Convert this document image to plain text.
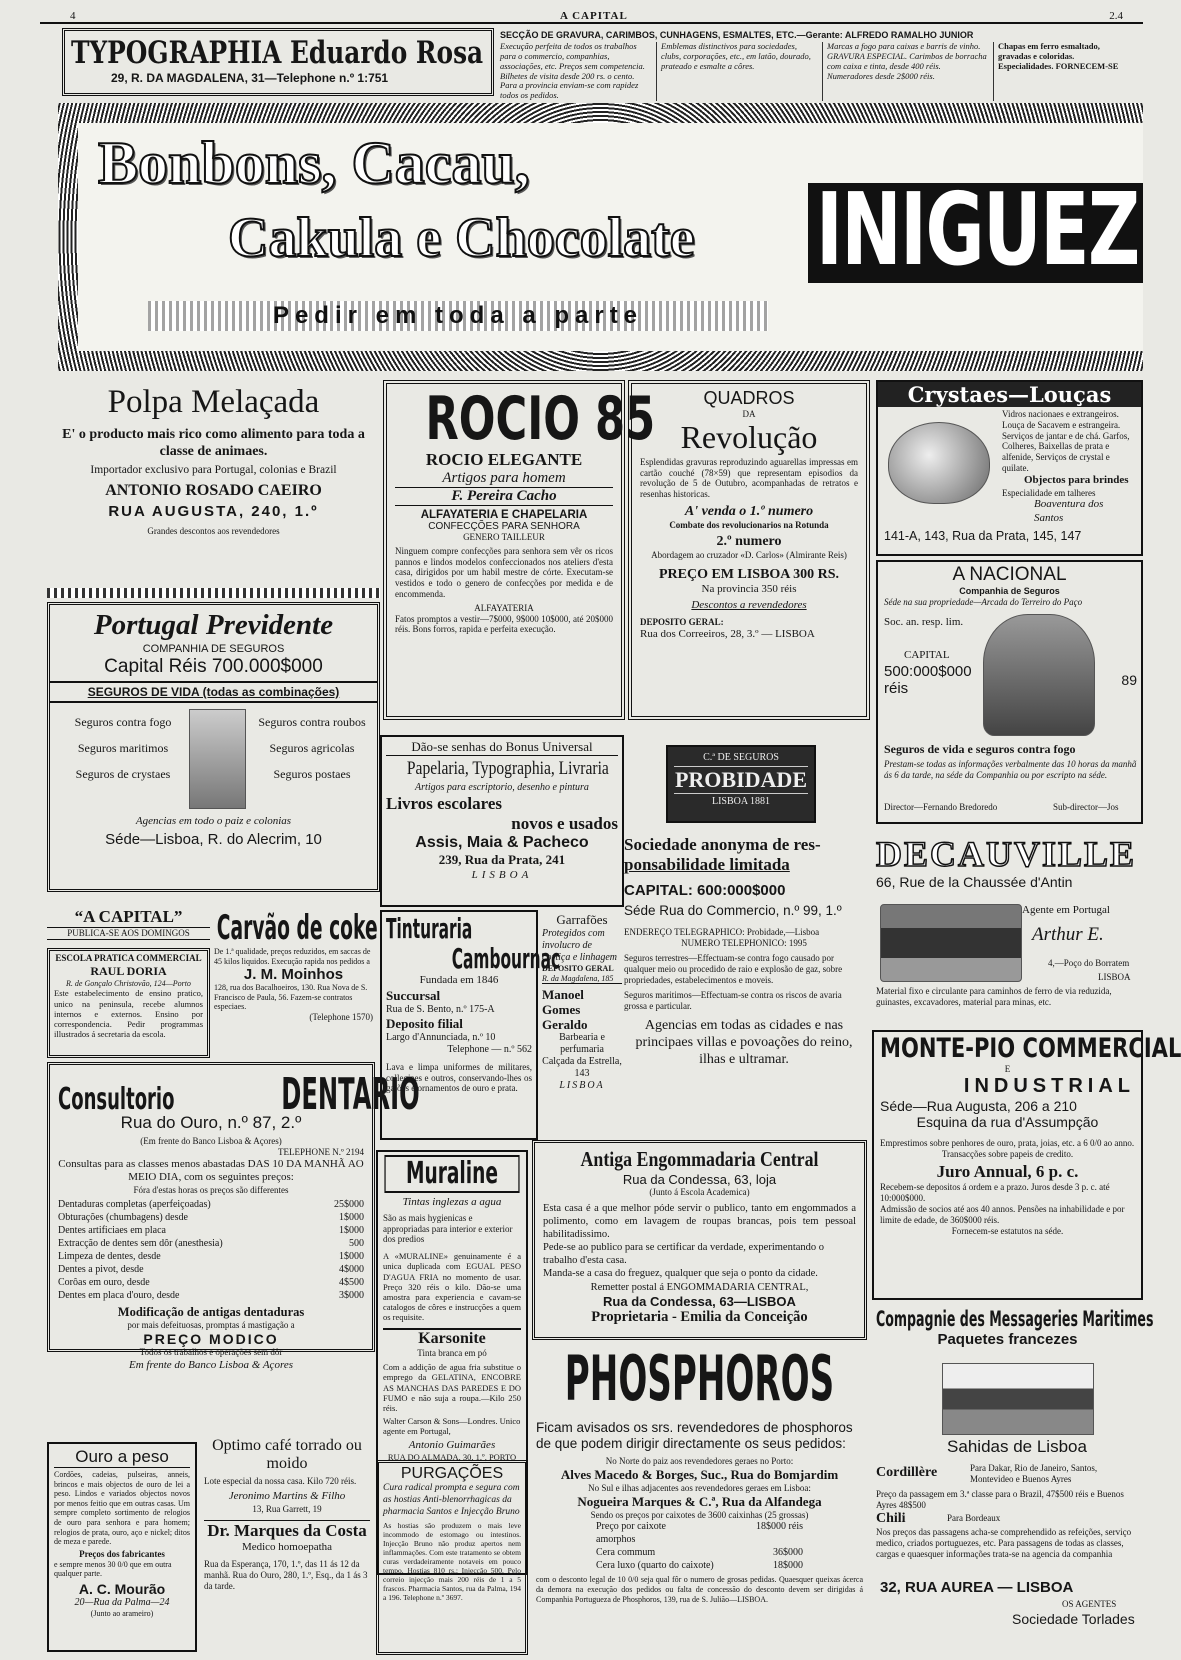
4	A CAPITAL	2.4
TYPOGRAPHIA Eduardo Rosa
29, R. DA MAGDALENA, 31—Telephone n.º 1:751
SECÇÃO DE GRAVURA, CARIMBOS, CUNHAGENS, ESMALTES, ETC.—Gerante: ALFREDO RAMALHO JUNIOR
Execução perfeita de todos os trabalhos para o commercio, companhias, associações, etc. Preços sem competencia. Bilhetes de visita desde 200 rs. o cento. Para a provincia enviam-se com rapidez todos os pedidos.
Emblemas distinctivos para sociedades, clubs, corporações, etc., em latão, dourado, prateado e esmalte a côres.
Marcas a fogo para caixas e barris de vinho. GRAVURA ESPECIAL. Carimbos de borracha com caixa e tinta, desde 400 réis. Numeradores desde 2$000 réis.
Chapas em ferro esmaltado, gravadas e coloridas. Especialidades. FORNECEM-SE
Bonbons, Cacau,
Cakula e Chocolate INIGUEZ
Pedir em toda a parte
Polpa Melaçada
E' o producto mais rico como alimento para toda a classe de animaes.
Importador exclusivo para Portugal, colonias e Brazil
ANTONIO ROSADO CAEIRO
RUA AUGUSTA, 240, 1.º
Grandes descontos aos revendedores
Portugal Previdente
COMPANHIA DE SEGUROS
Capital Réis 700.000$000
SEGUROS DE VIDA (todas as combinações)
Seguros contra fogo
Seguros maritimos
Seguros de crystaes
Seguros contra roubos
Seguros agricolas
Seguros postaes
Agencias em todo o paiz e colonias
Séde—Lisboa, R. do Alecrim, 10
ROCIO 85
ROCIO ELEGANTE
Artigos para homem
F. Pereira Cacho
ALFAYATERIA E CHAPELARIA
CONFECÇÕES PARA SENHORA
GENERO TAILLEUR
Ninguem compre confecções para senhora sem vêr os ricos pannos e lindos modelos confeccionados nos ateliers d'esta casa, dirigidos por um habil mestre de córte. Executam-se vestidos e todo o genero de confecções por medida e de encommenda.
ALFAYATERIA
Fatos promptos a vestir—7$000, 9$000 10$000, até 20$000 réis. Bons forros, rapida e perfeita execução.
QUADROS
DA
Revolução
Esplendidas gravuras reproduzindo aguarellas impressas em cartão couché (78×59) que representam episodios da revolução de 5 de Outubro, acompanhadas de retratos e resenhas historicas.
A' venda o 1.º numero
Combate dos revolucionarios na Rotunda
2.º numero
Abordagem ao cruzador «D. Carlos» (Almirante Reis)
PREÇO EM LISBOA 300 RS.
Na provincia 350 réis
Descontos a revendedores
DEPOSITO GERAL:
Rua dos Correeiros, 28, 3.º — LISBOA
Crystaes—Louças
Vidros nacionaes e extrangeiros. Louça de Sacavem e estrangeira. Serviços de jantar e de chá. Garfos, Colheres, Baixellas de prata e alfenide, Serviços de crystal e quilate.
Objectos para brindes
Especialidade em talheres
Boaventura dos Santos
141-A, 143, Rua da Prata, 145, 147
A NACIONAL
Companhia de Seguros
Séde na sua propriedade—Arcada do Terreiro do Paço
Soc. an. resp. lim.
CAPITAL
500:000$000 réis
89
Seguros de vida e seguros contra fogo
Prestam-se todas as informações verbalmente das 10 horas da manhã ás 6 da tarde, na séde da Companhia ou por escripto na séde.
Director—Fernando Bredoredo	Sub-director—Jos
Dão-se senhas do Bonus Universal
Papelaria, Typographia, Livraria
Artigos para escriptorio, desenho e pintura
Livros escolares
novos e usados
Assis, Maia & Pacheco
239, Rua da Prata, 241
LISBOA
C.ª DE SEGUROS
PROBIDADE
LISBOA 1881
Sociedade anonyma de res-
ponsabilidade limitada
CAPITAL: 600:000$000
Séde Rua do Commercio, n.º 99, 1.º
ENDEREÇO TELEGRAPHICO: Probidade,—Lisboa
NUMERO TELEPHONICO: 1995
Seguros terrestres—Effectuam-se contra fogo causado por qualquer meio ou procedido de raio e explosão de gaz, sobre propriedades, estabelecimentos e moveis.
Seguros maritimos—Effectuam-se contra os riscos de avaria grossa e particular.
Agencias em todas as cidades e nas principaes villas e povoações do reino, ilhas e ultramar.
DECAUVILLE
66, Rue de la Chaussée d'Antin
Agente em Portugal
Arthur E.
4,—Poço do Borratem
LISBOA
Material fixo e circulante para caminhos de ferro de via reduzida, guinastes, excavadores, material para minas, etc.
“A CAPITAL”
PUBLICA-SE AOS DOMINGOS
ESCOLA PRATICA COMMERCIAL
RAUL DORIA
R. de Gonçalo Christovão, 124—Porto
Este estabelecimento de ensino pratico, unico na peninsula, recebe alumnos internos e externos. Ensino por correspondencia. Pedir programmas illustrados á secretaria da escola.
Carvão de coke
De 1.ª qualidade, preços reduzidos, em saccas de 45 kilos liquidos. Execução rapida nos pedidos a
J. M. Moinhos
128, rua dos Bacalhoeiros, 130. Rua Nova de S. Francisco de Paula, 56. Fazem-se contratos especiaes.
(Telephone 1570)
Tinturaria
Cambournac
Fundada em 1846
Succursal
Rua de S. Bento, n.º 175-A
Deposito filial
Largo d'Annunciada, n.º 10
Telephone — n.º 562
Lava e limpa uniformes de militares, collegiaes e outros, conservando-lhes os galões e ornamentos de ouro e prata.
Garrafões
Protegidos com involucro de cortiça e linhagem
DEPOSITO GERAL
R. da Magdalena, 185
Manoel Gomes Geraldo
Barbearia e perfumaria
Calçada da Estrella, 143
LISBOA
MONTE-PIO COMMERCIAL
E
INDUSTRIAL
Séde—Rua Augusta, 206 a 210
Esquina da rua d'Assumpção
Emprestimos sobre penhores de ouro, prata, joias, etc. a 6 0/0 ao anno.
Transacções sobre papeis de credito.
Juro Annual, 6 p. c.
Recebem-se depositos á ordem e a prazo. Juros desde 3 p. c. até 10:000$000.
Admissão de socios até aos 40 annos. Pensões na inhabilidade e por limite de edade, de 360$000 réis.
Fornecem-se estatutos na séde.
Consultorio DENTARIO
Rua do Ouro, n.º 87, 2.º
(Em frente do Banco Lisboa & Açores)
TELEPHONE N.º 2194
Consultas para as classes menos abastadas DAS 10 DA MANHÃ AO MEIO DIA, com os seguintes preços:
Fóra d'estas horas os preços são differentes
Dentaduras completas (aperfeiçoadas)	25$000
Obturações (chumbagens) desde	1$000
Dentes artificiaes em placa	1$000
Extracção de dentes sem dôr (anesthesia)	500
Limpeza de dentes, desde	1$000
Dentes a pivot, desde	4$000
Corôas em ouro, desde	4$500
Dentes em placa d'ouro, desde	3$000
Modificação de antigas dentaduras
por mais defeituosas, promptas á mastigação a
PREÇO MODICO
Todos os trabalhos e operações sem dôr
Em frente do Banco Lisboa & Açores
Muraline
Tintas inglezas a agua
São as mais hygienicas e appropriadas para interior e exterior dos predios
A «MURALINE» genuinamente é a unica duplicada com EGUAL PESO D'AGUA FRIA no momento de usar. Preço 320 réis o kilo. Dão-se uma amostra para experiencia e cavam-se catalogos de côres e instrucções a quem os requisite.
Karsonite
Tinta branca em pó
Com a addição de agua fria substitue o emprego da GELATINA, ENCOBRE AS MANCHAS DAS PAREDES E DO FUMO e não suja a roupa.—Kilo 250 réis.
Walter Carson & Sons—Londres. Unico agente em Portugal,
Antonio Guimarães
RUA DO ALMADA, 30, 1.º, PORTO
Antiga Engommadaria Central
Rua da Condessa, 63, loja
(Junto á Escola Academica)
Esta casa é a que melhor póde servir o publico, tanto em engommados a polimento, como em lavagem de roupas brancas, pois tem pessoal habilitadissimo.
Pede-se ao publico para se certificar da verdade, experimentando o trabalho d'esta casa.
Manda-se a casa do freguez, qualquer que seja o ponto da cidade.
Remetter postal á ENGOMMADARIA CENTRAL,
Rua da Condessa, 63—LISBOA
Proprietaria - Emilia da Conceição	Compagnie des Messageries Maritimes
Paquetes francezes
Sahidas de Lisboa
Cordillère	Para Dakar, Rio de Janeiro, Santos, Montevideo e Buenos Ayres
Preço da passagem em 3.ª classe para o Brazil, 47$500 réis e Buenos Ayres 48$500
Chili	Para Bordeaux
Nos preços das passagens acha-se comprehendido as refeições, serviço medico, criados portuguezes, etc. Para passagens de todas as classes, cargas e quaesquer informações trata-se na agencia da companhia
32, RUA AUREA — LISBOA
OS AGENTES
Sociedade Torlades
Ouro a peso
Cordões, cadeias, pulseiras, anneis, brincos e mais objectos de ouro de lei a peso. Lindos e variados objectos novos por menos feitio que em outras casas. Um sempre completo sortimento de relogios de ouro para senhora e para homem; relogios de prata, ouro, aço e nickel; ditos de meza e parede.
Preços dos fabricantes
e sempre menos 30 0/0 que em outra qualquer parte.
A. C. Mourão
20—Rua da Palma—24
(Junto ao arameiro)
Optimo café torrado ou moido
Lote especial da nossa casa. Kilo 720 réis.
Jeronimo Martins & Filho
13, Rua Garrett, 19
Dr. Marques da Costa
Medico homoepatha
Rua da Esperança, 170, 1.º, das 11 ás 12 da manhã. Rua do Ouro, 280, 1.º, Esq., da 1 ás 3 da tarde.
PURGAÇÕES
Cura radical prompta e segura com as hostias Anti-blenorrhagicas da pharmacia Santos e Injecção Bruno
As hostias são produzem o mais leve incommodo de estomago ou intestinos. Injecção Bruno não produz apertos nem inflammações. Com este tratamento se obtem curas verdadeiramente notaveis em pouco tempo. Hostias 810 rs.; Injecção 500. Pelo correio injecção mais 200 réis de 1 a 5 frascos. Pharmacia Santos, rua da Palma, 194 a 196. Telephone n.º 3697.
PHOSPHOROS
Ficam avisados os srs. revendedores de phosphoros de que podem dirigir directamente os seus pedidos:
No Norte do paiz aos revendedores geraes no Porto:
Alves Macedo & Borges, Suc., Rua do Bomjardim
No Sul e ilhas adjacentes aos revendedores geraes em Lisboa:
Nogueira Marques & C.ª, Rua da Alfandega
Sendo os preços por caixotes de 3600 caixinhas (25 grossas)
Preço por caixote	18$000 réis
amorphos
Cera commum	36$000
Cera luxo (quarto do caixote)	18$000
com o desconto legal de 10 0/0 seja qual fôr o numero de grosas pedidas. Quaesquer queixas ácerca da demora na execução dos pedidos ou falta de concessão do desconto devem ser dirigidas á Companhia Portugueza de Phosphoros, 139, rua de S. Julião—LISBOA.
